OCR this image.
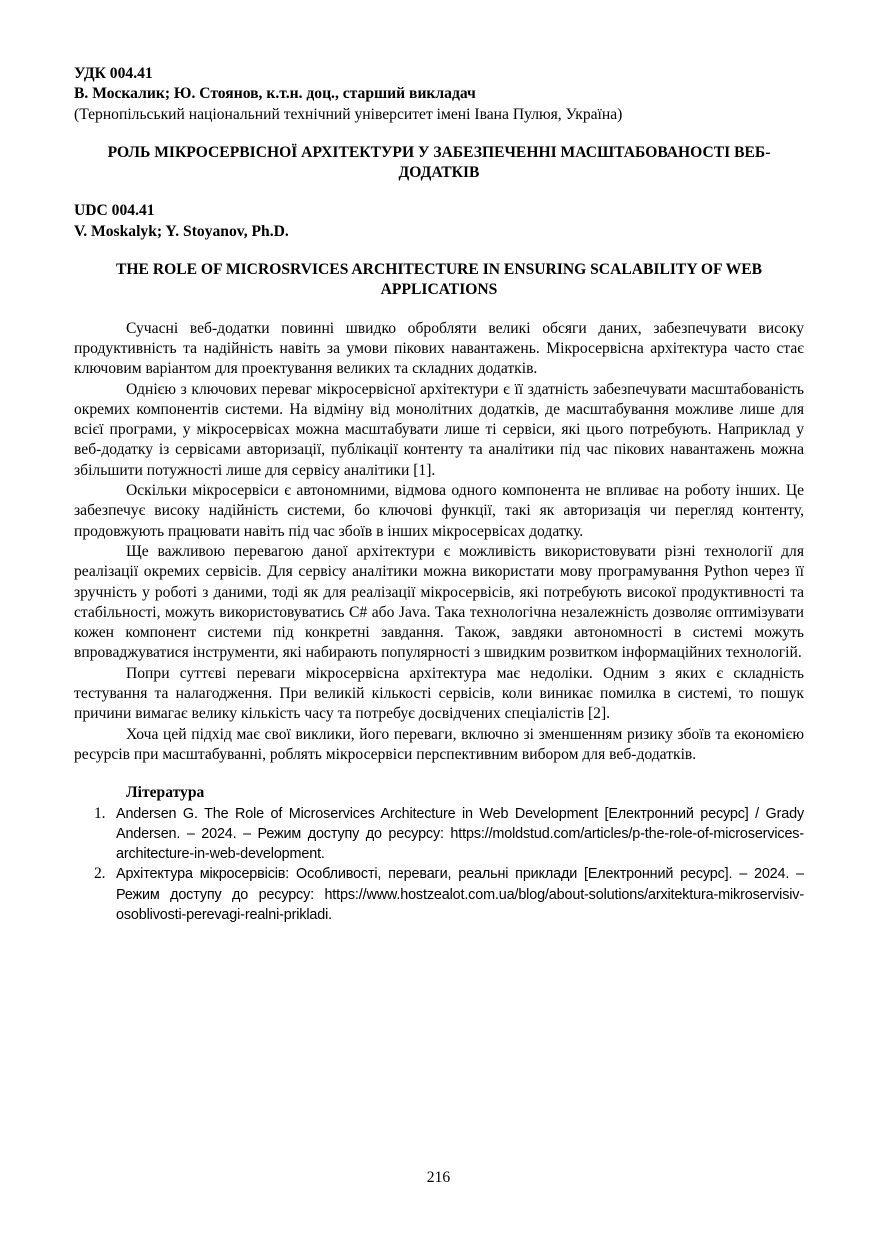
УДК 004.41
В. Москалик; Ю. Стоянов, к.т.н. доц., старший викладач
(Тернопільський національний технічний університет імені Івана Пулюя, Україна)
РОЛЬ МІКРОСЕРВІСНОЇ АРХІТЕКТУРИ У ЗАБЕЗПЕЧЕННІ МАСШТАБОВАНОСТІ ВЕБ-ДОДАТКІВ
UDC 004.41
V. Moskalyk; Y. Stoyanov, Ph.D.
THE ROLE OF MICROSRVICES ARCHITECTURE IN ENSURING SCALABILITY OF WEB APPLICATIONS

Сучасні веб-додатки повинні швидко обробляти великі обсяги даних, забезпечувати високу продуктивність та надійність навіть за умови пікових навантажень. Мікросервісна архітектура часто стає ключовим варіантом для проектування великих та складних додатків.

Однією з ключових переваг мікросервісної архітектури є її здатність забезпечувати масштабованість окремих компонентів системи. На відміну від монолітних додатків, де масштабування можливе лише для всієї програми, у мікросервісах можна масштабувати лише ті сервіси, які цього потребують. Наприклад у веб-додатку із сервісами авторизації, публікації контенту та аналітики під час пікових навантажень можна збільшити потужності лише для сервісу аналітики [1].

Оскільки мікросервіси є автономними, відмова одного компонента не впливає на роботу інших. Це забезпечує високу надійність системи, бо ключові функції, такі як авторизація чи перегляд контенту, продовжують працювати навіть під час збоїв в інших мікросервісах додатку.

Ще важливою перевагою даної архітектури є можливість використовувати різні технології для реалізації окремих сервісів. Для сервісу аналітики можна використати мову програмування Python через її зручність у роботі з даними, тоді як для реалізації мікросервісів, які потребують високої продуктивності та стабільності, можуть використовуватись C# або Java. Така технологічна незалежність дозволяє оптимізувати кожен компонент системи під конкретні завдання. Також, завдяки автономності в системі можуть впроваджуватися інструменти, які набирають популярності з швидким розвитком інформаційних технологій.

Попри суттєві переваги мікросервісна архітектура має недоліки. Одним з яких є складність тестування та налагодження. При великій кількості сервісів, коли виникає помилка в системі, то пошук причини вимагає велику кількість часу та потребує досвідчених спеціалістів [2].

Хоча цей підхід має свої виклики, його переваги, включно зі зменшенням ризику збоїв та економією ресурсів при масштабуванні, роблять мікросервіси перспективним вибором для веб-додатків.

Література
1. Andersen G. The Role of Microservices Architecture in Web Development [Електронний ресурс] / Grady Andersen. – 2024. – Режим доступу до ресурсу: https://moldstud.com/articles/p-the-role-of-microservices-architecture-in-web-development.
2. Архітектура мікросервісів: Особливості, переваги, реальні приклади [Електронний ресурс]. – 2024. – Режим доступу до ресурсу: https://www.hostzealot.com.ua/blog/about-solutions/arxitektura-mikroservisiv-osoblivosti-perevagi-realni-prikladi.
216
